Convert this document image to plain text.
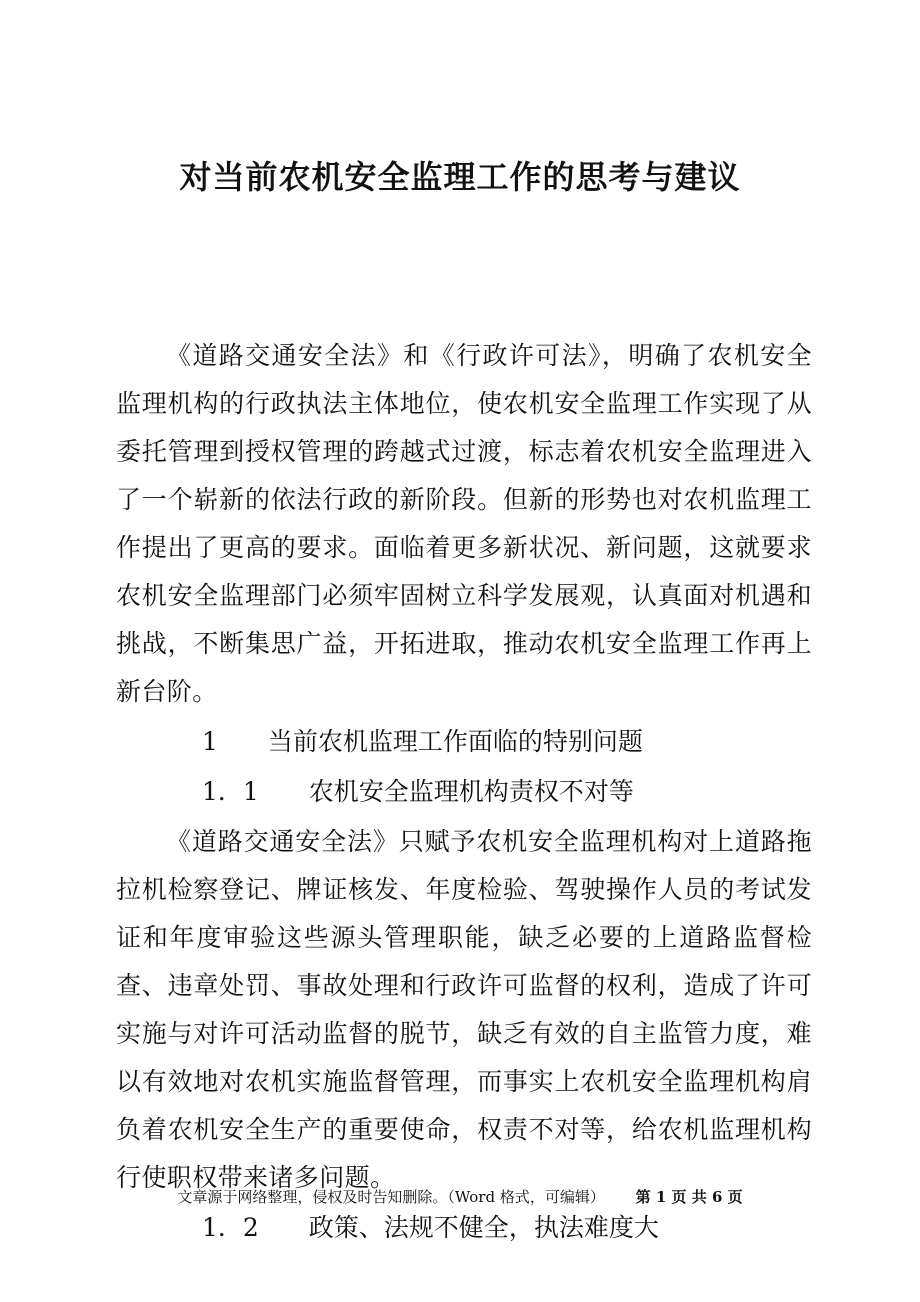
对当前农机安全监理工作的思考与建议

《道路交通安全法》和《行政许可法》，明确了农机安全监理机构的行政执法主体地位，使农机安全监理工作实现了从委托管理到授权管理的跨越式过渡，标志着农机安全监理进入了一个崭新的依法行政的新阶段。但新的形势也对农机监理工作提出了更高的要求。面临着更多新状况、新问题，这就要求农机安全监理部门必须牢固树立科学发展观，认真面对机遇和挑战，不断集思广益，开拓进取，推动农机安全监理工作再上新台阶。

1　　当前农机监理工作面临的特别问题
1．1　　农机安全监理机构责权不对等

《道路交通安全法》只赋予农机安全监理机构对上道路拖拉机检察登记、牌证核发、年度检验、驾驶操作人员的考试发证和年度审验这些源头管理职能，缺乏必要的上道路监督检查、违章处罚、事故处理和行政许可监督的权利，造成了许可实施与对许可活动监督的脱节，缺乏有效的自主监管力度，难以有效地对农机实施监督管理，而事实上农机安全监理机构肩负着农机安全生产的重要使命，权责不对等，给农机监理机构行使职权带来诸多问题。

1．2　　政策、法规不健全，执法难度大
文章源于网络整理，侵权及时告知删除。（Word 格式，可编辑） 第 1 页 共 6 页
